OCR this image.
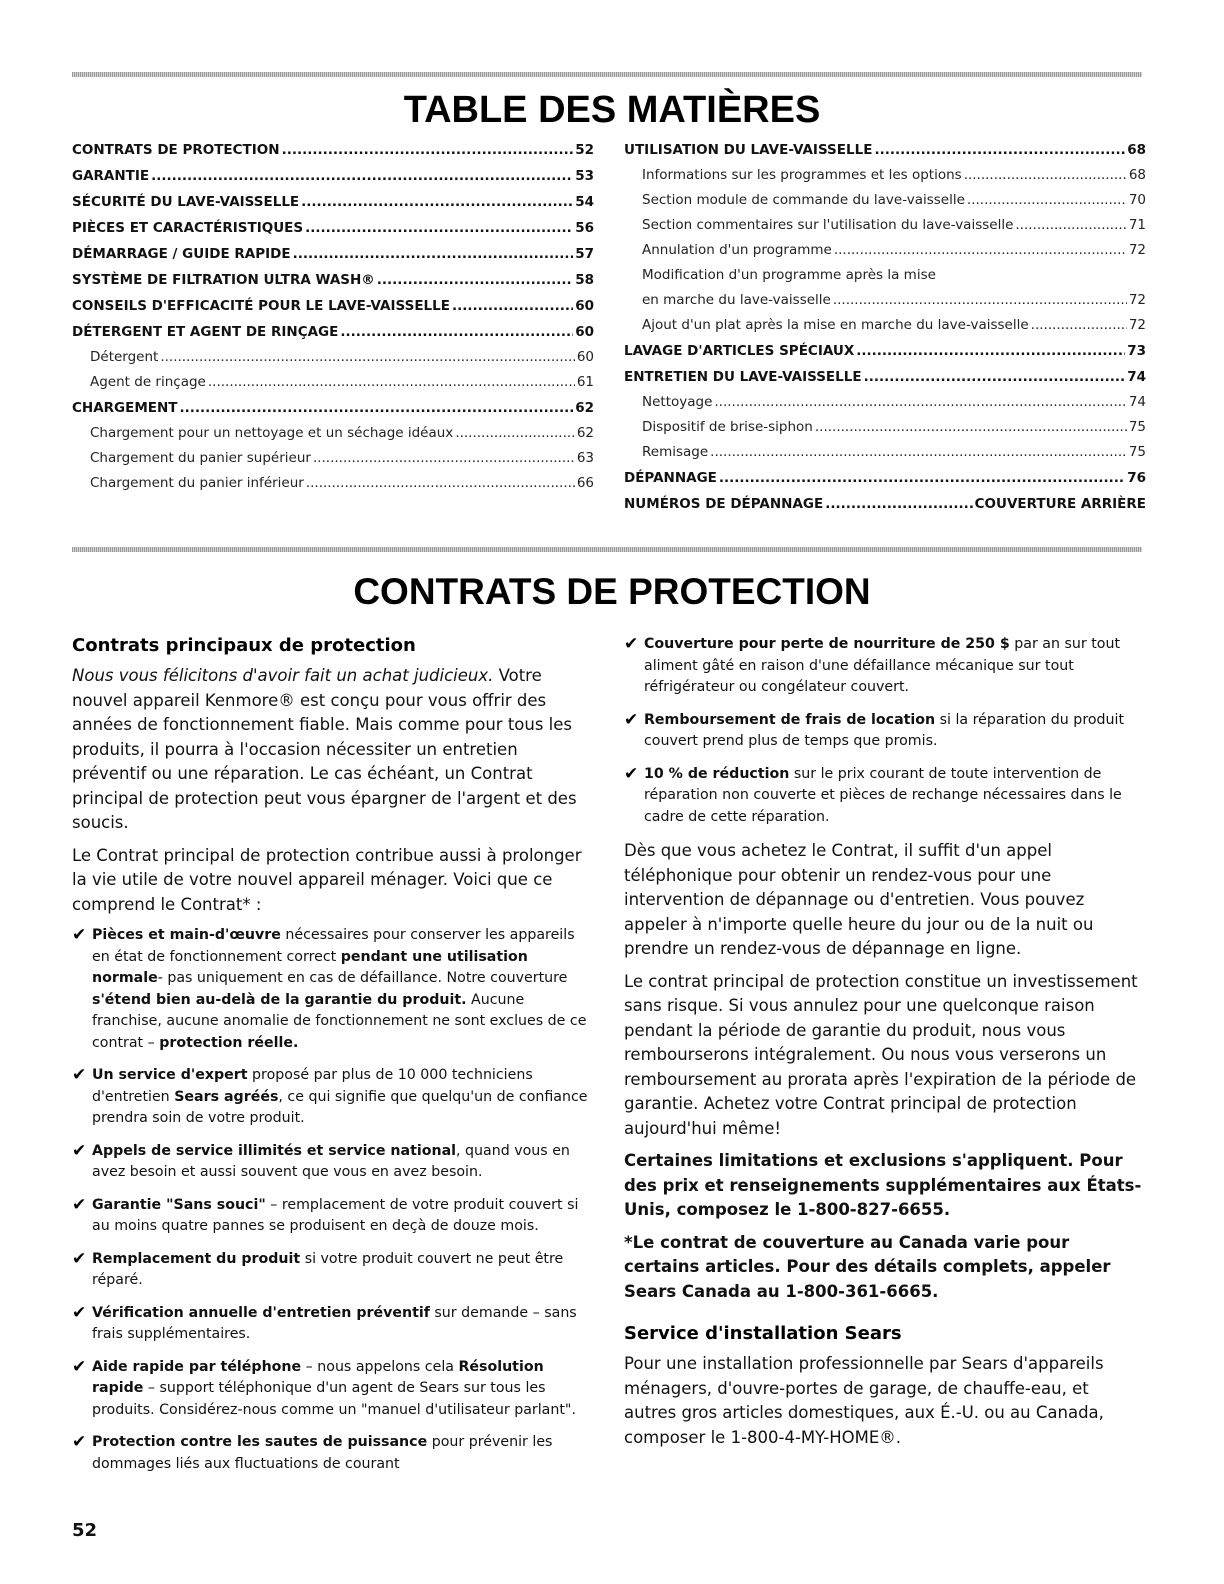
TABLE DES MATIÈRES
CONTRATS DE PROTECTION .....	52
GARANTIE .....	53
SÉCURITÉ DU LAVE-VAISSELLE .....	54
PIÈCES ET CARACTÉRISTIQUES .....	56
DÉMARRAGE / GUIDE RAPIDE .....	57
SYSTÈME DE FILTRATION ULTRA WASH® .....	58
CONSEILS D'EFFICACITÉ POUR LE LAVE-VAISSELLE .....	60
DÉTERGENT ET AGENT DE RINÇAGE .....	60
Détergent .....	60
Agent de rinçage .....	61
CHARGEMENT .....	62
Chargement pour un nettoyage et un séchage idéaux .....	62
Chargement du panier supérieur .....	63
Chargement du panier inférieur .....	66
UTILISATION DU LAVE-VAISSELLE .....	68
Informations sur les programmes et les options .....	68
Section module de commande du lave-vaisselle .....	70
Section commentaires sur l'utilisation du lave-vaisselle .....	71
Annulation d'un programme .....	72
Modification d'un programme après la mise
en marche du lave-vaisselle .....	72
Ajout d'un plat après la mise en marche du lave-vaisselle .....	72
LAVAGE D'ARTICLES SPÉCIAUX .....	73
ENTRETIEN DU LAVE-VAISSELLE .....	74
Nettoyage .....	74
Dispositif de brise-siphon .....	75
Remisage .....	75
DÉPANNAGE .....	76
NUMÉROS DE DÉPANNAGE .....	COUVERTURE ARRIÈRE
CONTRATS DE PROTECTION
Contrats principaux de protection

Nous vous félicitons d'avoir fait un achat judicieux. Votre nouvel appareil Kenmore® est conçu pour vous offrir des années de fonctionnement fiable. Mais comme pour tous les produits, il pourra à l'occasion nécessiter un entretien préventif ou une réparation. Le cas échéant, un Contrat principal de protection peut vous épargner de l'argent et des soucis.

Le Contrat principal de protection contribue aussi à prolonger la vie utile de votre nouvel appareil ménager. Voici que ce comprend le Contrat* :

✔ Pièces et main-d'œuvre nécessaires pour conserver les appareils en état de fonctionnement correct pendant une utilisation normale- pas uniquement en cas de défaillance. Notre couverture s'étend bien au-delà de la garantie du produit. Aucune franchise, aucune anomalie de fonctionnement ne sont exclues de ce contrat – protection réelle.
✔ Un service d'expert proposé par plus de 10 000 techniciens d'entretien Sears agréés, ce qui signifie que quelqu'un de confiance prendra soin de votre produit.
✔ Appels de service illimités et service national, quand vous en avez besoin et aussi souvent que vous en avez besoin.
✔ Garantie "Sans souci" – remplacement de votre produit couvert si au moins quatre pannes se produisent en deçà de douze mois.
✔ Remplacement du produit si votre produit couvert ne peut être réparé.
✔ Vérification annuelle d'entretien préventif sur demande – sans frais supplémentaires.
✔ Aide rapide par téléphone – nous appelons cela Résolution rapide – support téléphonique d'un agent de Sears sur tous les produits. Considérez-nous comme un "manuel d'utilisateur parlant".
✔ Protection contre les sautes de puissance pour prévenir les dommages liés aux fluctuations de courant
✔ Couverture pour perte de nourriture de 250 $ par an sur tout aliment gâté en raison d'une défaillance mécanique sur tout réfrigérateur ou congélateur couvert.
✔ Remboursement de frais de location si la réparation du produit couvert prend plus de temps que promis.
✔ 10 % de réduction sur le prix courant de toute intervention de réparation non couverte et pièces de rechange nécessaires dans le cadre de cette réparation.

Dès que vous achetez le Contrat, il suffit d'un appel téléphonique pour obtenir un rendez-vous pour une intervention de dépannage ou d'entretien. Vous pouvez appeler à n'importe quelle heure du jour ou de la nuit ou prendre un rendez-vous de dépannage en ligne.

Le contrat principal de protection constitue un investissement sans risque. Si vous annulez pour une quelconque raison pendant la période de garantie du produit, nous vous rembourserons intégralement. Ou nous vous verserons un remboursement au prorata après l'expiration de la période de garantie. Achetez votre Contrat principal de protection aujourd'hui même!

Certaines limitations et exclusions s'appliquent. Pour des prix et renseignements supplémentaires aux États-Unis, composez le 1-800-827-6655.

*Le contrat de couverture au Canada varie pour certains articles. Pour des détails complets, appeler Sears Canada au 1-800-361-6665.

Service d'installation Sears

Pour une installation professionnelle par Sears d'appareils ménagers, d'ouvre-portes de garage, de chauffe-eau, et autres gros articles domestiques, aux É.-U. ou au Canada, composer le 1-800-4-MY-HOME®.

52
